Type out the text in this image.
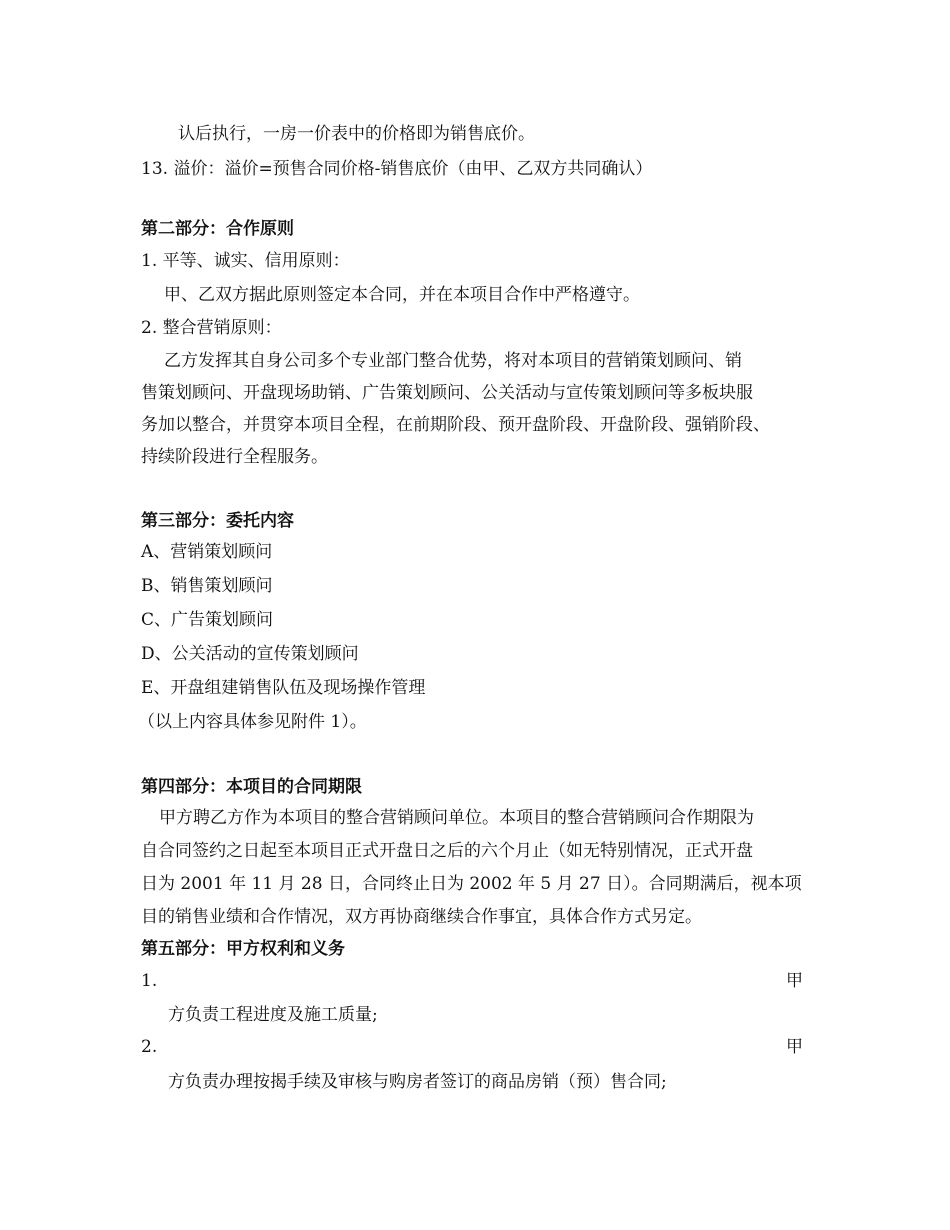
认后执行，一房一价表中的价格即为销售底价。
13. 溢价：溢价=预售合同价格-销售底价（由甲、乙双方共同确认）
第二部分：合作原则
1. 平等、诚实、信用原则：
甲、乙双方据此原则签定本合同，并在本项目合作中严格遵守。
2. 整合营销原则：
乙方发挥其自身公司多个专业部门整合优势，将对本项目的营销策划顾问、销
售策划顾问、开盘现场助销、广告策划顾问、公关活动与宣传策划顾问等多板块服
务加以整合，并贯穿本项目全程，在前期阶段、预开盘阶段、开盘阶段、强销阶段、
持续阶段进行全程服务。
第三部分：委托内容
A、营销策划顾问
B、销售策划顾问
C、广告策划顾问
D、公关活动的宣传策划顾问
E、开盘组建销售队伍及现场操作管理
（以上内容具体参见附件 1）。
第四部分：本项目的合同期限
甲方聘乙方作为本项目的整合营销顾问单位。本项目的整合营销顾问合作期限为
自合同签约之日起至本项目正式开盘日之后的六个月止（如无特别情况，正式开盘
日为 2001 年 11 月 28 日，合同终止日为 2002 年 5 月 27 日）。合同期满后，视本项
目的销售业绩和合作情况，双方再协商继续合作事宜，具体合作方式另定。
第五部分：甲方权利和义务
1.	甲
方负责工程进度及施工质量;
2.	甲
方负责办理按揭手续及审核与购房者签订的商品房销（预）售合同;
